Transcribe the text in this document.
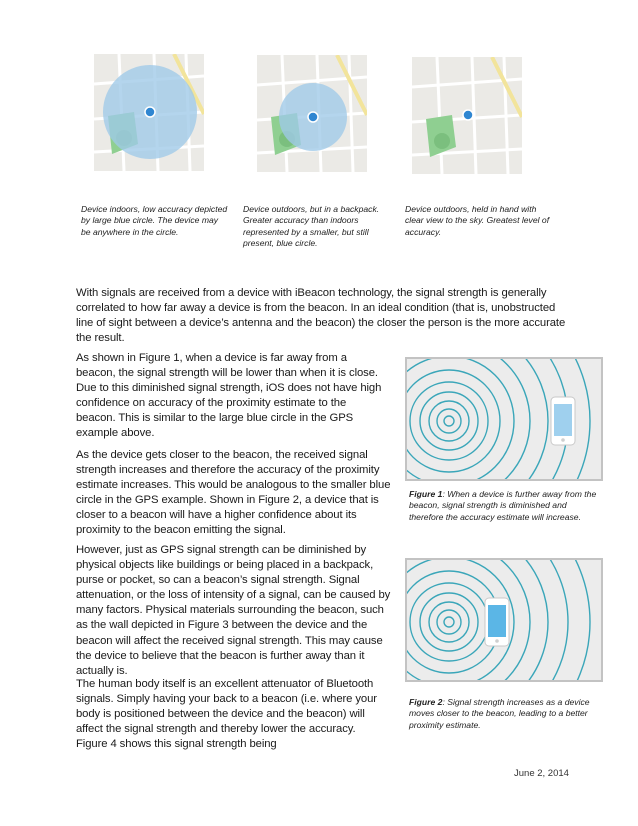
Device indoors, low accuracy depicted by large blue circle. The device may be anywhere in the circle.
Device outdoors, but in a backpack. Greater accuracy than indoors represented by a smaller, but still present, blue circle.
Device outdoors, held in hand with clear view to the sky. Greatest level of accuracy.
With signals are received from a device with iBeacon technology, the signal strength is generally correlated to how far away a device is from the beacon. In an ideal condition (that is, unobstructed line of sight between a device’s antenna and the beacon) the closer the person is the more accurate the result.
As shown in Figure 1, when a device is far away from a beacon, the signal strength will be lower than when it is close. Due to this diminished signal strength, iOS does not have high confidence on accuracy of the proximity estimate to the beacon. This is similar to the large blue circle in the GPS example above.
As the device gets closer to the beacon, the received signal strength increases and therefore the accuracy of the proximity estimate increases. This would be analogous to the smaller blue circle in the GPS example. Shown in Figure 2, a device that is closer to a beacon will have a higher confidence about its proximity to the beacon emitting the signal.
However, just as GPS signal strength can be diminished by physical objects like buildings or being placed in a backpack, purse or pocket, so can a beacon’s signal strength. Signal attenuation, or the loss of intensity of a signal, can be caused by many factors. Physical materials surrounding the beacon, such as the wall depicted in Figure 3 between the device and the beacon will affect the received signal strength. This may cause the device to believe that the beacon is further away than it actually is.
The human body itself is an excellent attenuator of Bluetooth signals. Simply having your back to a beacon (i.e. where your body is positioned between the device and the beacon) will affect the signal strength and thereby lower the accuracy. Figure 4 shows this signal strength being
Figure 1: When a device is further away from the beacon, signal strength is diminished and therefore the accuracy estimate will increase.
Figure 2: Signal strength increases as a device moves closer to the beacon, leading to a better proximity estimate.
June 2, 2014
